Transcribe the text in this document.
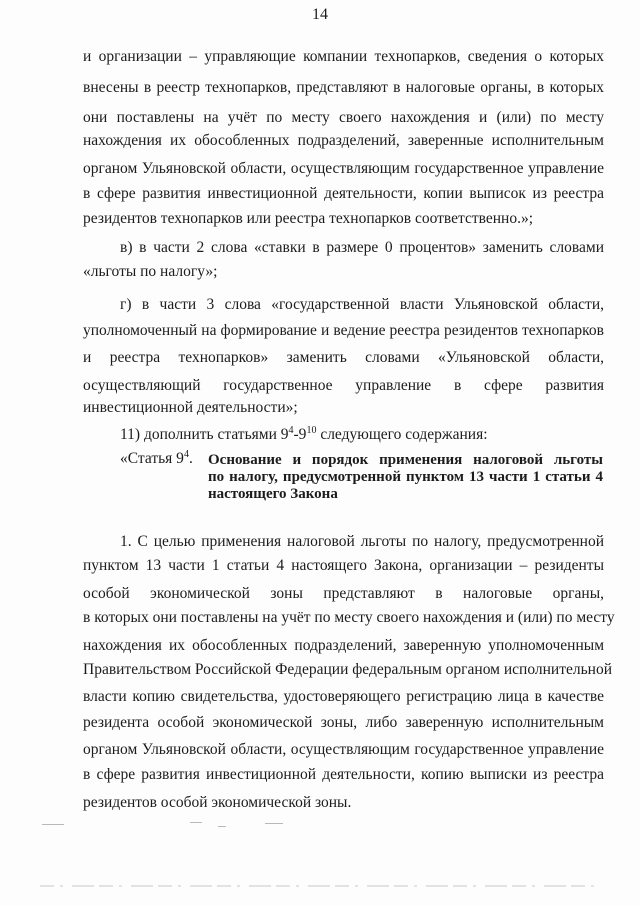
14
и организации – управляющие компании технопарков, сведения о которых
внесены в реестр технопарков, представляют в налоговые органы, в которых
они поставлены на учёт по месту своего нахождения и (или) по месту
нахождения их обособленных подразделений, заверенные исполнительным
органом Ульяновской области, осуществляющим государственное управление
в сфере развития инвестиционной деятельности, копии выписок из реестра
резидентов технопарков или реестра технопарков соответственно.»;
в) в части 2 слова «ставки в размере 0 процентов» заменить словами
«льготы по налогу»;
г) в части 3 слова «государственной власти Ульяновской области,
уполномоченный на формирование и ведение реестра резидентов технопарков
и реестра технопарков» заменить словами «Ульяновской области,
осуществляющий государственное управление в сфере развития
инвестиционной деятельности»;
11) дополнить статьями $9^4-9^{10}$ следующего содержания:
«Статья $9^4$. Основание и порядок применения налоговой льготы
по налогу, предусмотренной пунктом 13 части 1 статьи 4
настоящего Закона
1. С целью применения налоговой льготы по налогу, предусмотренной
пунктом 13 части 1 статьи 4 настоящего Закона, организации – резиденты
особой экономической зоны представляют в налоговые органы,
в которых они поставлены на учёт по месту своего нахождения и (или) по месту
нахождения их обособленных подразделений, заверенную уполномоченным
Правительством Российской Федерации федеральным органом исполнительной
власти копию свидетельства, удостоверяющего регистрацию лица в качестве
резидента особой экономической зоны, либо заверенную исполнительным
органом Ульяновской области, осуществляющим государственное управление
в сфере развития инвестиционной деятельности, копию выписки из реестра
резидентов особой экономической зоны.
